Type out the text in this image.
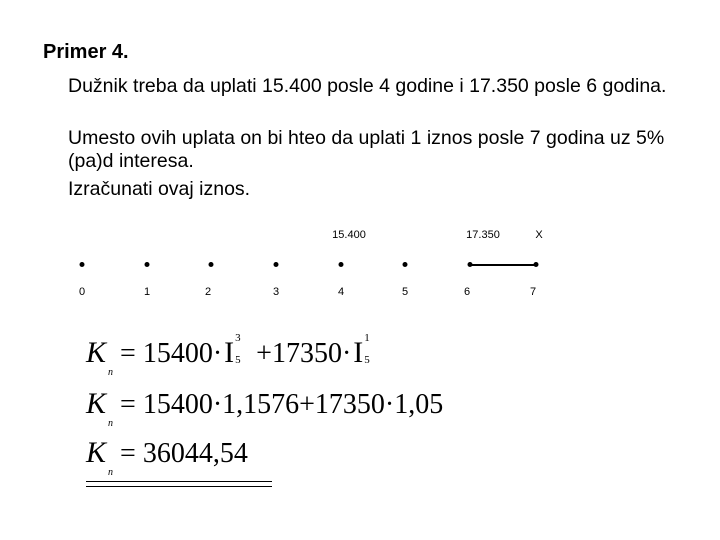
Primer 4.
Dužnik treba da uplati 15.400 posle 4 godine i 17.350 posle 6 godina.
Umesto ovih uplata on bi hteo da uplati 1 iznos posle 7 godina uz 5% (pa)d interesa.
Izračunati ovaj iznos.
15.400	17.350	X
0	1	2	3	4	5	6	7
$K_n = 15400\cdot I$ 3
5 +17350·I 1
5
$K_n = 15400\cdot 1,1576+17350\cdot 1,05$
$K_n = 36044,54$
